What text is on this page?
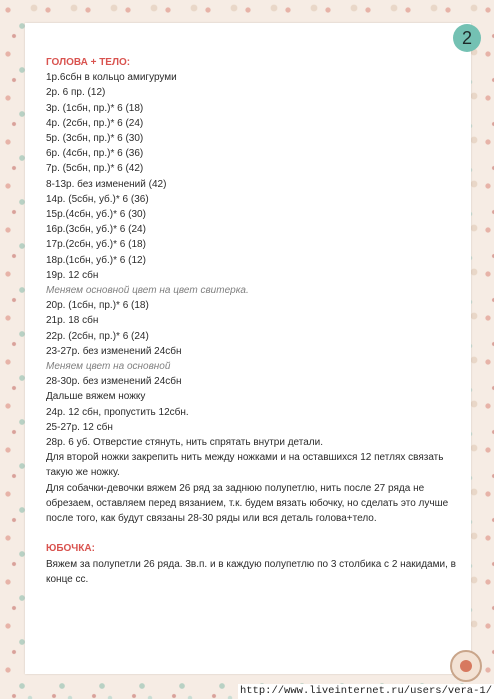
2

ГОЛОВА + ТЕЛО:

1р.6сбн в кольцо амигуруми

2р. 6 пр. (12)

3р. (1сбн, пр.)* 6 (18)

4р. (2сбн, пр.)* 6 (24)

5р. (3сбн, пр.)* 6 (30)

6р. (4сбн, пр.)* 6 (36)

7р. (5сбн, пр.)* 6 (42)

8-13р. без изменений (42)

14р. (5сбн, уб.)* 6 (36)

15р.(4сбн, уб.)* 6 (30)

16р.(3сбн, уб.)* 6 (24)

17р.(2сбн, уб.)* 6 (18)

18р.(1сбн, уб.)* 6 (12)

19р. 12 сбн

Меняем основной цвет на цвет свитерка.

20р. (1сбн, пр.)* 6 (18)

21р. 18 сбн

22р. (2сбн, пр.)* 6 (24)

23-27р. без изменений 24сбн

Меняем цвет на основной

28-30р. без изменений 24сбн

Дальше вяжем ножку

24р. 12 сбн, пропустить 12сбн.

25-27р. 12 сбн

28р. 6 уб. Отверстие стянуть, нить спрятать внутри детали.

Для второй ножки закрепить нить между ножками и на оставшихся 12 петлях связать такую же ножку.

Для собачки-девочки вяжем 26 ряд за заднюю полупетлю, нить после 27 ряда не обрезаем, оставляем перед вязанием, т.к. будем вязать юбочку, но сделать это лучше после того, как будут связаны 28-30 ряды или вся деталь голова+тело.

ЮБОЧКА:

Вяжем за полупетли 26 ряда. 3в.п. и в каждую полупетлю по 3 столбика с 2 накидами, в конце сс.

http://www.liveinternet.ru/users/vera-1/
